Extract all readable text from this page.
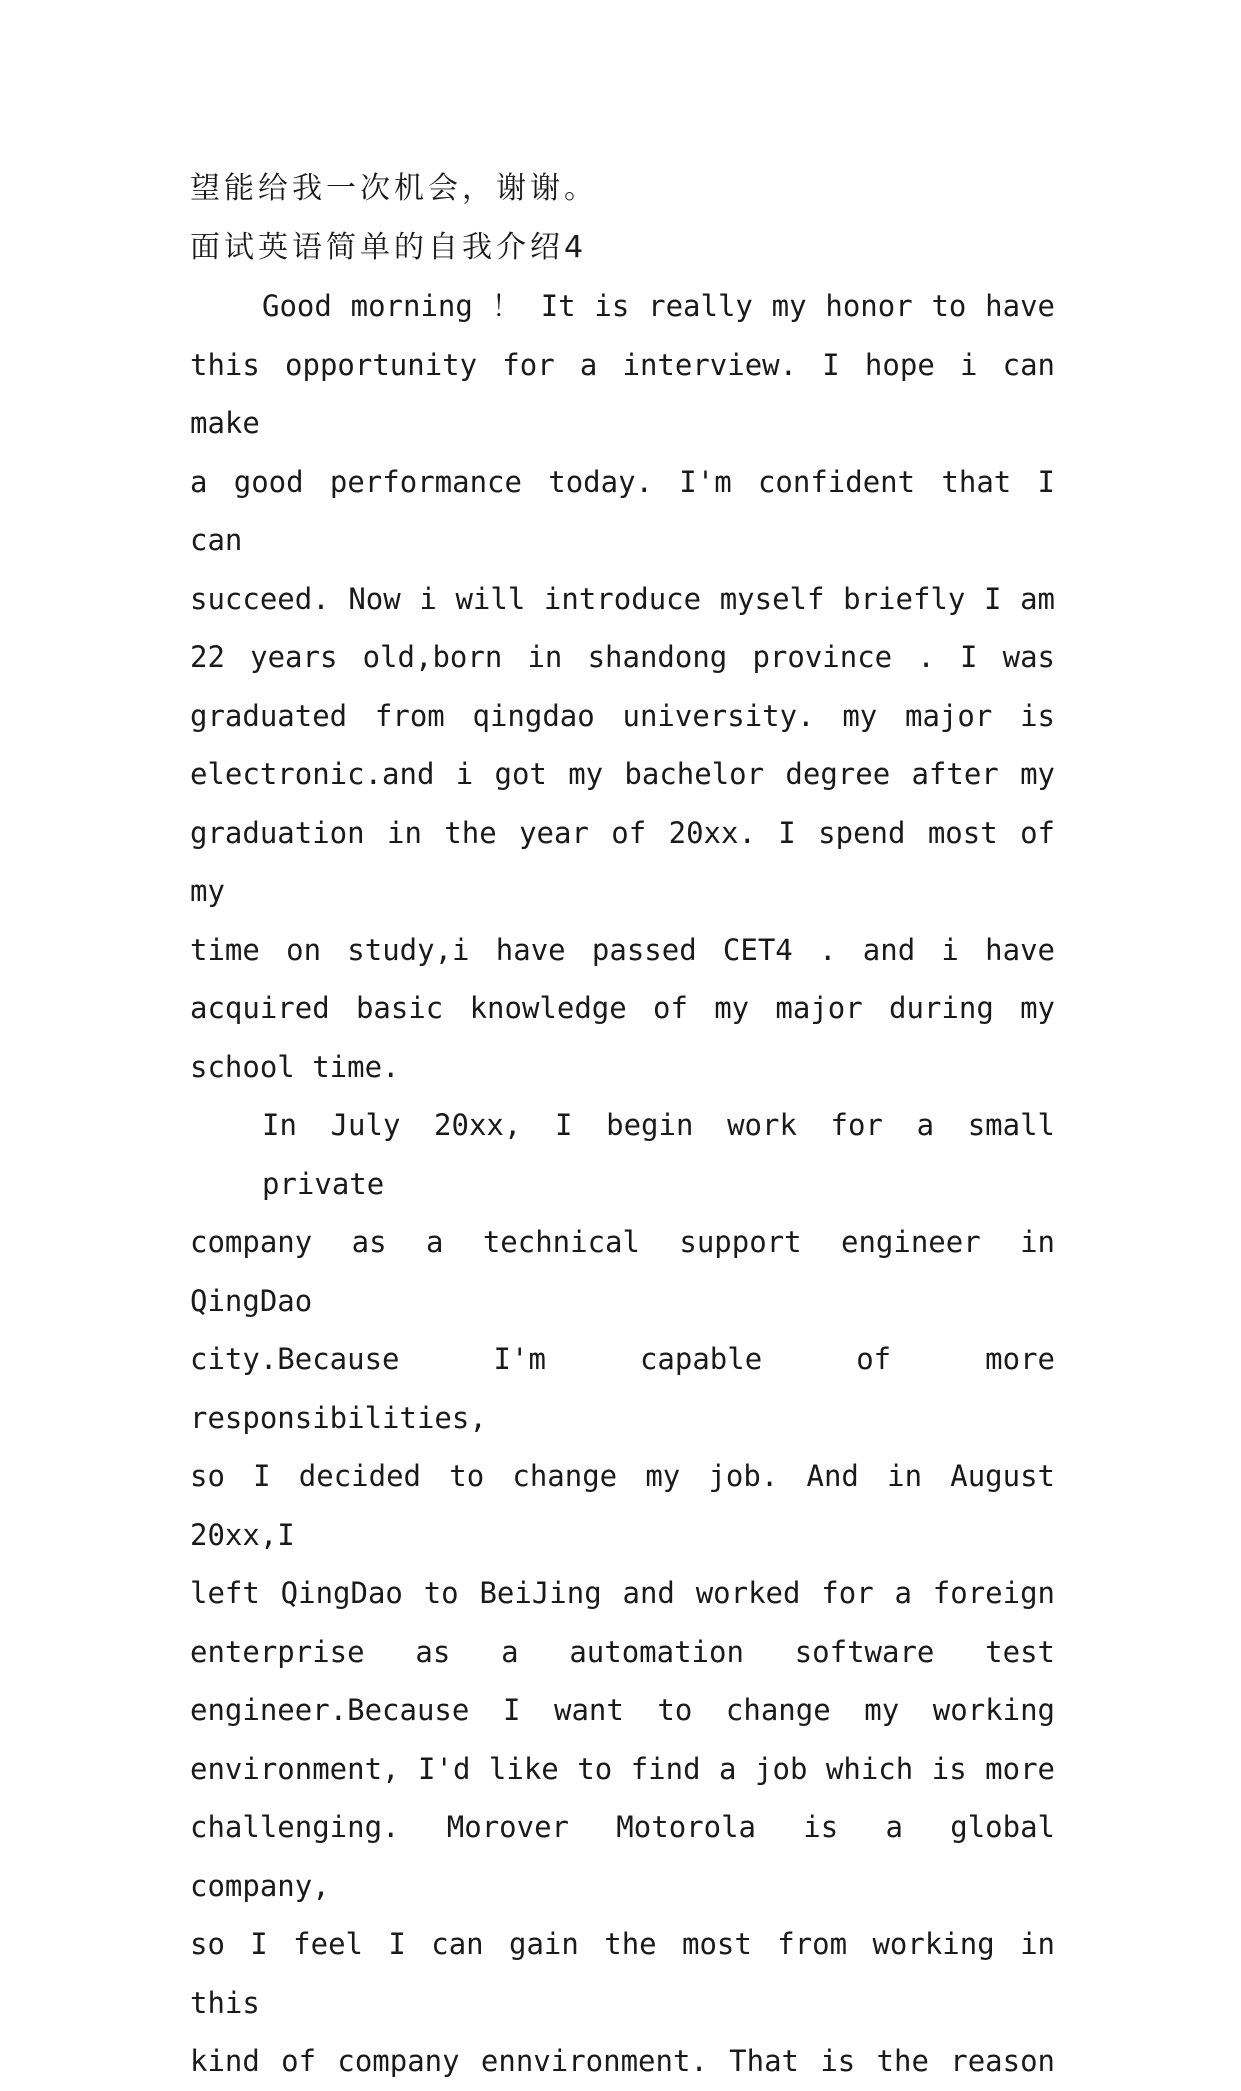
望能给我一次机会，谢谢。

面试英语简单的自我介绍4

Good morning ！ It is really my honor to have
this opportunity for a interview. I hope i can make
a good performance today. I'm confident that I can
succeed. Now i will introduce myself briefly I am
22 years old,born in shandong province . I was
graduated from qingdao university. my major is
electronic.and i got my bachelor degree after my
graduation in the year of 20xx. I spend most of my
time on study,i have passed CET4 . and i have
acquired basic knowledge of my major during my
school time.
In July 20xx, I begin work for a small private
company as a technical support engineer in QingDao
city.Because I'm capable of more responsibilities,
so I decided to change my job. And in August 20xx,I
left QingDao to BeiJing and worked for a foreign
enterprise as a automation software test
engineer.Because I want to change my working
environment, I'd like to find a job which is more
challenging. Morover Motorola is a global company,
so I feel I can gain the most from working in this
kind of company ennvironment. That is the reason
